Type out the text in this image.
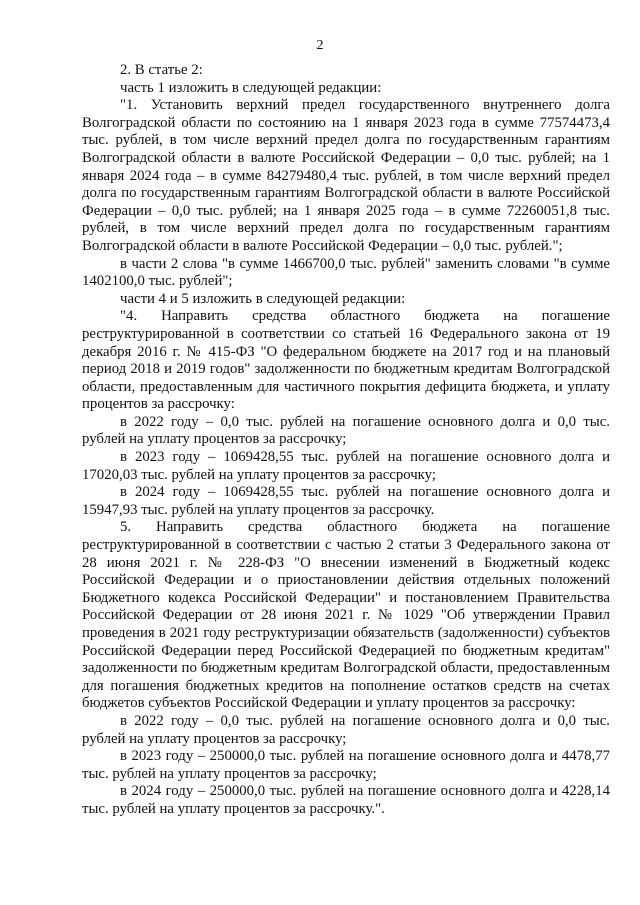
2

2. В статье 2:

часть 1 изложить в следующей редакции:

"1. Установить верхний предел государственного внутреннего долга Волгоградской области по состоянию на 1 января 2023 года в сумме 77574473,4 тыс. рублей, в том числе верхний предел долга по государственным гарантиям Волгоградской области в валюте Российской Федерации – 0,0 тыс. рублей; на 1 января 2024 года – в сумме 84279480,4 тыс. рублей, в том числе верхний предел долга по государственным гарантиям Волгоградской области в валюте Российской Федерации – 0,0 тыс. рублей; на 1 января 2025 года – в сумме 72260051,8 тыс. рублей, в том числе верхний предел долга по государственным гарантиям Волгоградской области в валюте Российской Федерации – 0,0 тыс. рублей.";

в части 2 слова "в сумме 1466700,0 тыс. рублей" заменить словами "в сумме 1402100,0 тыс. рублей";

части 4 и 5 изложить в следующей редакции:

"4. Направить средства областного бюджета на погашение реструктурированной в соответствии со статьей 16 Федерального закона от 19 декабря 2016 г. № 415-ФЗ "О федеральном бюджете на 2017 год и на плановый период 2018 и 2019 годов" задолженности по бюджетным кредитам Волгоградской области, предоставленным для частичного покрытия дефицита бюджета, и уплату процентов за рассрочку:

в 2022 году – 0,0 тыс. рублей на погашение основного долга и 0,0 тыс. рублей на уплату процентов за рассрочку;

в 2023 году – 1069428,55 тыс. рублей на погашение основного долга и 17020,03 тыс. рублей на уплату процентов за рассрочку;

в 2024 году – 1069428,55 тыс. рублей на погашение основного долга и 15947,93 тыс. рублей на уплату процентов за рассрочку.

5. Направить средства областного бюджета на погашение реструктурированной в соответствии с частью 2 статьи 3 Федерального закона от 28 июня 2021 г. № 228-ФЗ "О внесении изменений в Бюджетный кодекс Российской Федерации и о приостановлении действия отдельных положений Бюджетного кодекса Российской Федерации" и постановлением Правительства Российской Федерации от 28 июня 2021 г. № 1029 "Об утверждении Правил проведения в 2021 году реструктуризации обязательств (задолженности) субъектов Российской Федерации перед Российской Федерацией по бюджетным кредитам" задолженности по бюджетным кредитам Волгоградской области, предоставленным для погашения бюджетных кредитов на пополнение остатков средств на счетах бюджетов субъектов Российской Федерации и уплату процентов за рассрочку:

в 2022 году – 0,0 тыс. рублей на погашение основного долга и 0,0 тыс. рублей на уплату процентов за рассрочку;

в 2023 году – 250000,0 тыс. рублей на погашение основного долга и 4478,77 тыс. рублей на уплату процентов за рассрочку;

в 2024 году – 250000,0 тыс. рублей на погашение основного долга и 4228,14 тыс. рублей на уплату процентов за рассрочку.".
